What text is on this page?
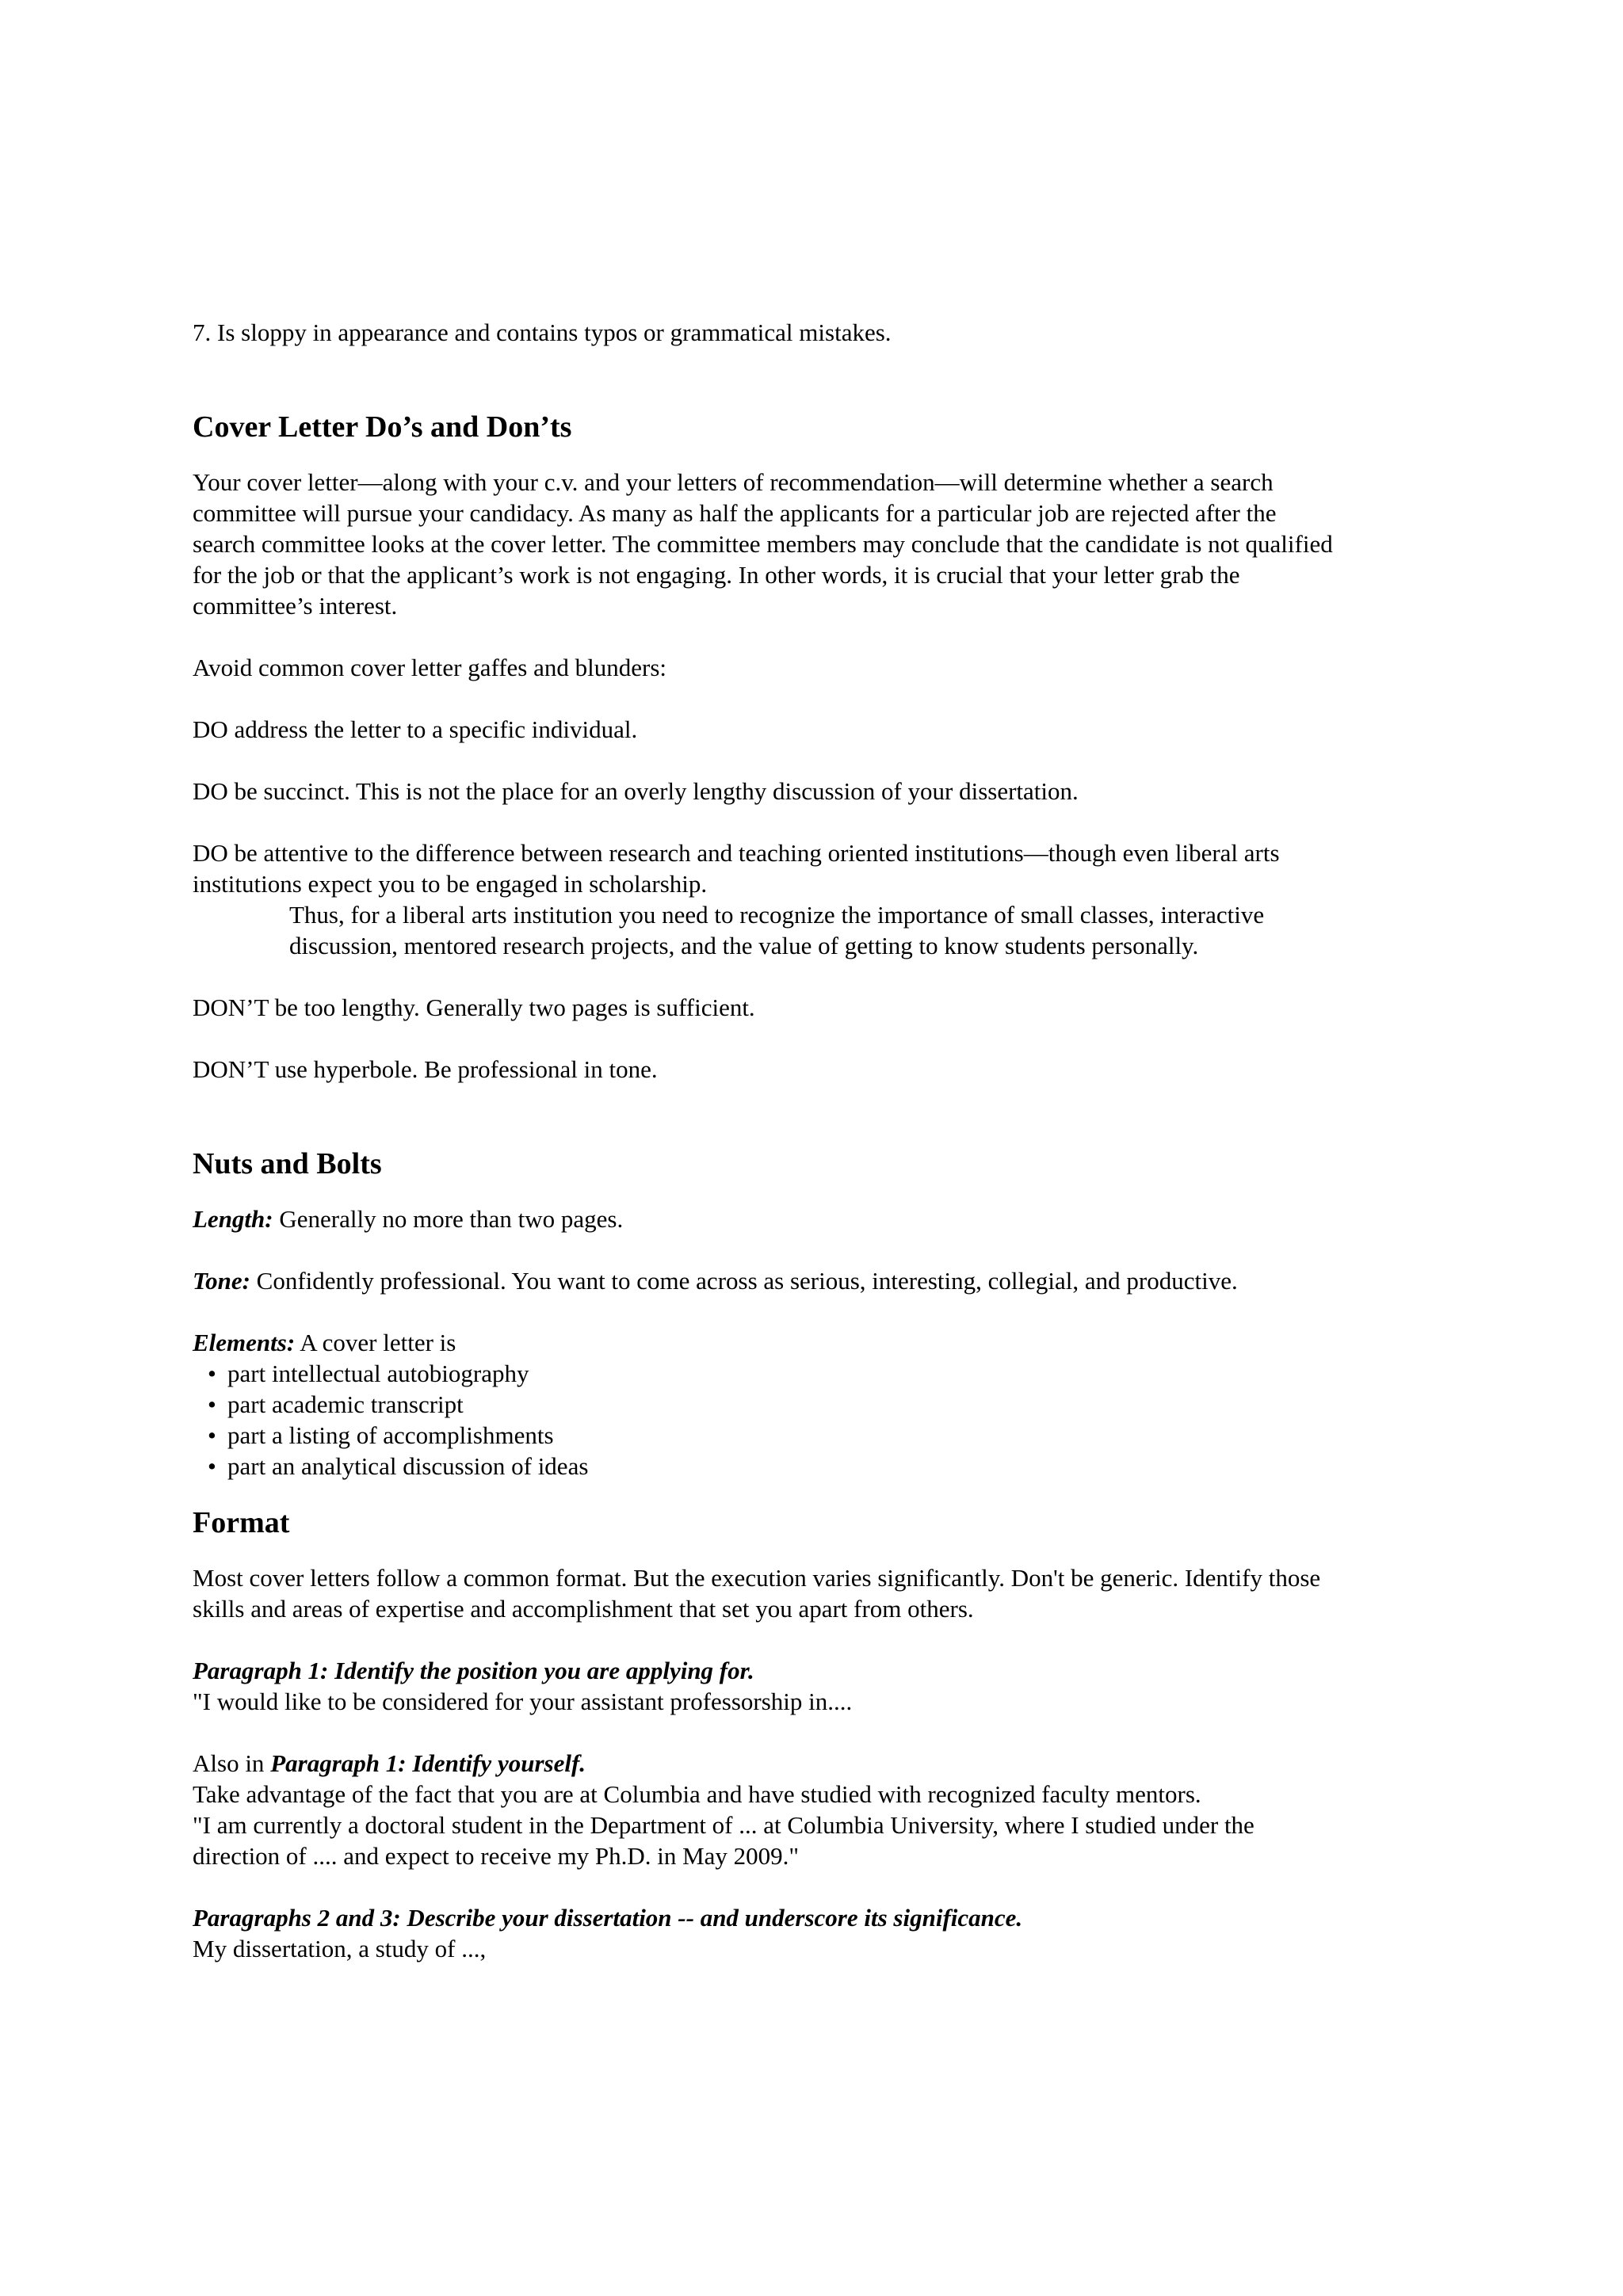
7. Is sloppy in appearance and contains typos or grammatical mistakes.

Cover Letter Do’s and Don’ts

Your cover letter—along with your c.v. and your letters of recommendation—will determine whether a search

committee will pursue your candidacy. As many as half the applicants for a particular job are rejected after the

search committee looks at the cover letter. The committee members may conclude that the candidate is not qualified

for the job or that the applicant’s work is not engaging. In other words, it is crucial that your letter grab the

committee’s interest.

Avoid common cover letter gaffes and blunders:

DO address the letter to a specific individual.

DO be succinct. This is not the place for an overly lengthy discussion of your dissertation.

DO be attentive to the difference between research and teaching oriented institutions—though even liberal arts

institutions expect you to be engaged in scholarship.

Thus, for a liberal arts institution you need to recognize the importance of small classes, interactive

discussion, mentored research projects, and the value of getting to know students personally.

DON’T be too lengthy. Generally two pages is sufficient.

DON’T use hyperbole. Be professional in tone.

Nuts and Bolts

Length: Generally no more than two pages.

Tone: Confidently professional. You want to come across as serious, interesting, collegial, and productive.

Elements: A cover letter is

• part intellectual autobiography
• part academic transcript
• part a listing of accomplishments
• part an analytical discussion of ideas
Format

Most cover letters follow a common format. But the execution varies significantly. Don't be generic. Identify those

skills and areas of expertise and accomplishment that set you apart from others.

Paragraph 1: Identify the position you are applying for.

"I would like to be considered for your assistant professorship in....

Also in Paragraph 1: Identify yourself.

Take advantage of the fact that you are at Columbia and have studied with recognized faculty mentors.

"I am currently a doctoral student in the Department of ... at Columbia University, where I studied under the

direction of .... and expect to receive my Ph.D. in May 2009."

Paragraphs 2 and 3: Describe your dissertation -- and underscore its significance.

My dissertation, a study of ...,
